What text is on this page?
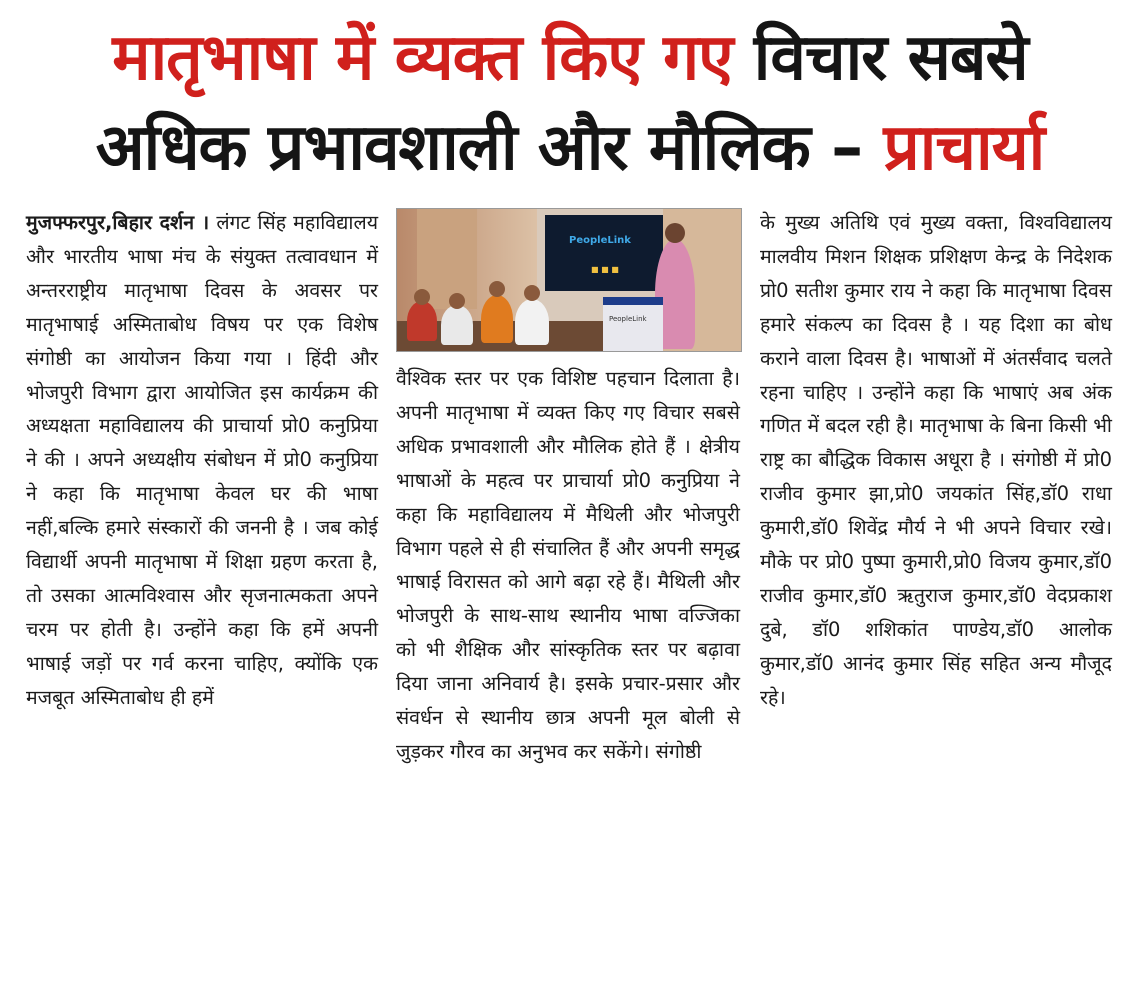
मातृभाषा में व्यक्त किए गए विचार सबसे
अधिक प्रभावशाली और मौलिक – प्राचार्या
मुजफ्फरपुर,बिहार दर्शन । लंगट सिंह महाविद्यालय और भारतीय भाषा मंच के संयुक्त तत्वावधान में अन्तरराष्ट्रीय मातृभाषा दिवस के अवसर पर मातृभाषाई अस्मिताबोध विषय पर एक विशेष संगोष्ठी का आयोजन किया गया । हिंदी और भोजपुरी विभाग द्वारा आयोजित इस कार्यक्रम की अध्यक्षता महाविद्यालय की प्राचार्या प्रो0 कनुप्रिया ने की । अपने अध्यक्षीय संबोधन में प्रो0 कनुप्रिया ने कहा कि मातृभाषा केवल घर की भाषा नहीं,बल्कि हमारे संस्कारों की जननी है । जब कोई विद्यार्थी अपनी मातृभाषा में शिक्षा ग्रहण करता है, तो उसका आत्मविश्वास और सृजनात्मकता अपने चरम पर होती है। उन्होंने कहा कि हमें अपनी भाषाई जड़ों पर गर्व करना चाहिए, क्योंकि एक मजबूत अस्मिताबोध ही हमें
PeopleLink
■ ■ ■
PeopleLink
वैश्विक स्तर पर एक विशिष्ट पहचान दिलाता है। अपनी मातृभाषा में व्यक्त किए गए विचार सबसे अधिक प्रभावशाली और मौलिक होते हैं । क्षेत्रीय भाषाओं के महत्व पर प्राचार्या प्रो0 कनुप्रिया ने कहा कि महाविद्यालय में मैथिली और भोजपुरी विभाग पहले से ही संचालित हैं और अपनी समृद्ध भाषाई विरासत को आगे बढ़ा रहे हैं। मैथिली और भोजपुरी के साथ-साथ स्थानीय भाषा वज्जिका को भी शैक्षिक और सांस्कृतिक स्तर पर बढ़ावा दिया जाना अनिवार्य है। इसके प्रचार-प्रसार और संवर्धन से स्थानीय छात्र अपनी मूल बोली से जुड़कर गौरव का अनुभव कर सकेंगे। संगोष्ठी
के मुख्य अतिथि एवं मुख्य वक्ता, विश्वविद्यालय मालवीय मिशन शिक्षक प्रशिक्षण केन्द्र के निदेशक प्रो0 सतीश कुमार राय ने कहा कि मातृभाषा दिवस हमारे संकल्प का दिवस है । यह दिशा का बोध कराने वाला दिवस है। भाषाओं में अंतर्संवाद चलते रहना चाहिए । उन्होंने कहा कि भाषाएं अब अंक गणित में बदल रही है। मातृभाषा के बिना किसी भी राष्ट्र का बौद्धिक विकास अधूरा है । संगोष्ठी में प्रो0 राजीव कुमार झा,प्रो0 जयकांत सिंह,डॉ0 राधा कुमारी,डॉ0 शिवेंद्र मौर्य ने भी अपने विचार रखे। मौके पर प्रो0 पुष्पा कुमारी,प्रो0 विजय कुमार,डॉ0 राजीव कुमार,डॉ0 ऋतुराज कुमार,डॉ0 वेदप्रकाश दुबे, डॉ0 शशिकांत पाण्डेय,डॉ0 आलोक कुमार,डॉ0 आनंद कुमार सिंह सहित अन्य मौजूद रहे।
